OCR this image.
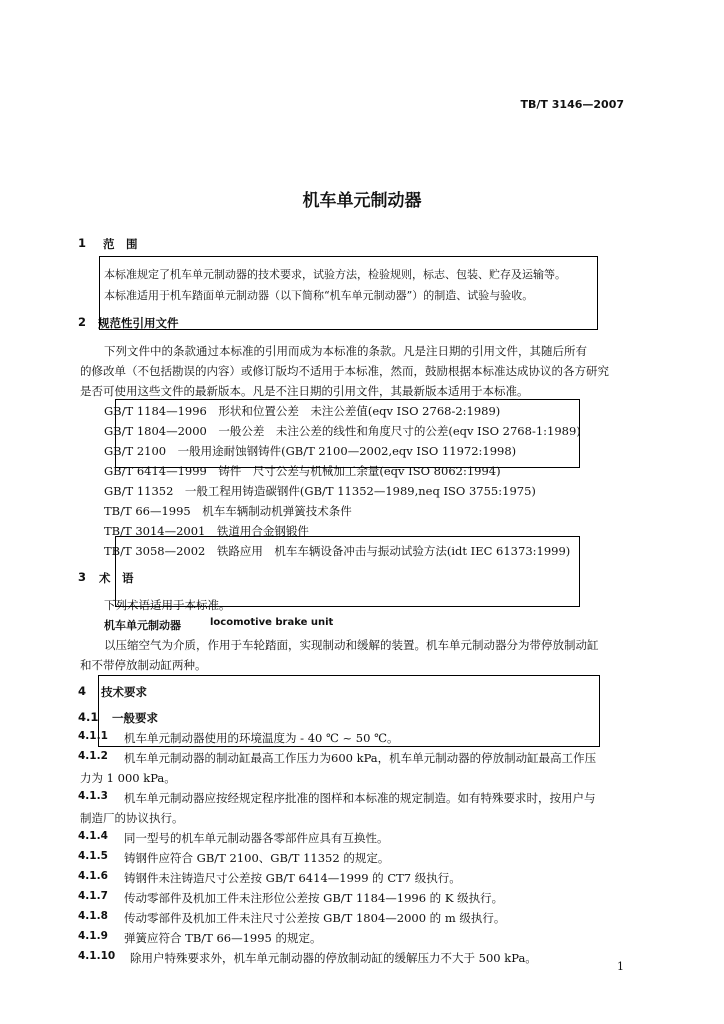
TB/T 3146—2007
机车单元制动器
1 范　围
本标准规定了机车单元制动器的技术要求，试验方法，检验规则，标志、包装、贮存及运输等。
本标准适用于机车踏面单元制动器（以下简称“机车单元制动器”）的制造、试验与验收。
2 规范性引用文件
下列文件中的条款通过本标准的引用而成为本标准的条款。凡是注日期的引用文件，其随后所有
的修改单（不包括勘误的内容）或修订版均不适用于本标准，然而，鼓励根据本标准达成协议的各方研究
是否可使用这些文件的最新版本。凡是不注日期的引用文件，其最新版本适用于本标准。
GB/T 1184—1996　形状和位置公差　未注公差值(eqv ISO 2768-2:1989)
GB/T 1804—2000　一般公差　未注公差的线性和角度尺寸的公差(eqv ISO 2768-1:1989)
GB/T 2100　一般用途耐蚀钢铸件(GB/T 2100—2002,eqv ISO 11972:1998)
GB/T 6414—1999　铸件　尺寸公差与机械加工余量(eqv ISO 8062:1994)
GB/T 11352　一般工程用铸造碳钢件(GB/T 11352—1989,neq ISO 3755:1975)
TB/T 66—1995　机车车辆制动机弹簧技术条件
TB/T 3014—2001　铁道用合金钢锻件
TB/T 3058—2002　铁路应用　机车车辆设备冲击与振动试验方法(idt IEC 61373:1999)
3 术　语
下列术语适用于本标准。
机车单元制动器	locomotive brake unit
以压缩空气为介质，作用于车轮踏面，实现制动和缓解的装置。机车单元制动器分为带停放制动缸
和不带停放制动缸两种。
4 技术要求
4.1 一般要求
4.1.1 机车单元制动器使用的环境温度为 - 40 ℃ ~ 50 ℃。
4.1.2 机车单元制动器的制动缸最高工作压力为600 kPa，机车单元制动器的停放制动缸最高工作压
力为 1 000 kPa。
4.1.3 机车单元制动器应按经规定程序批准的图样和本标准的规定制造。如有特殊要求时，按用户与
制造厂的协议执行。
4.1.4 同一型号的机车单元制动器各零部件应具有互换性。
4.1.5 铸钢件应符合 GB/T 2100、GB/T 11352 的规定。
4.1.6 铸钢件未注铸造尺寸公差按 GB/T 6414—1999 的 CT7 级执行。
4.1.7 传动零部件及机加工件未注形位公差按 GB/T 1184—1996 的 K 级执行。
4.1.8 传动零部件及机加工件未注尺寸公差按 GB/T 1804—2000 的 m 级执行。
4.1.9 弹簧应符合 TB/T 66—1995 的规定。
4.1.10 除用户特殊要求外，机车单元制动器的停放制动缸的缓解压力不大于 500 kPa。
1
